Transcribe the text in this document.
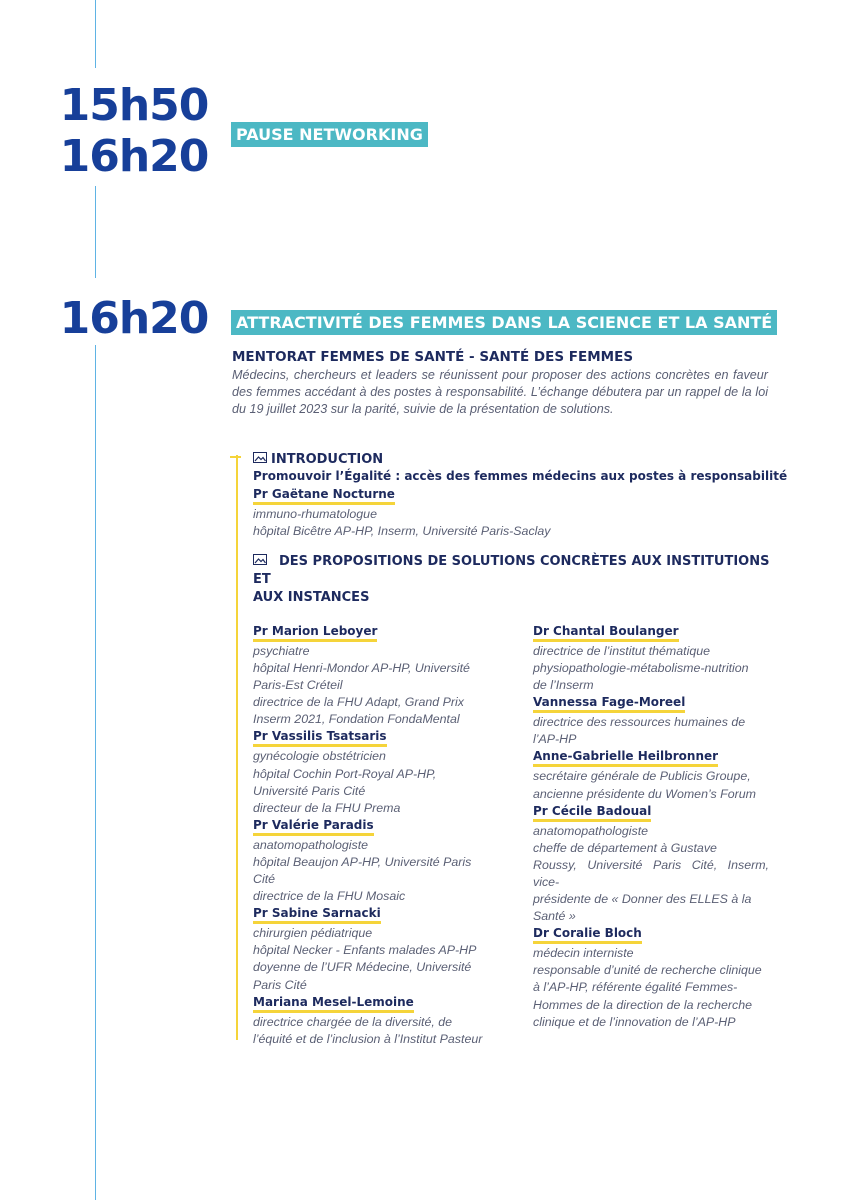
15h50
16h20	PAUSE NETWORKING
16h20	ATTRACTIVITÉ DES FEMMES DANS LA SCIENCE ET LA SANTÉ
MENTORAT FEMMES DE SANTÉ - SANTÉ DES FEMMES
Médecins, chercheurs et leaders se réunissent pour proposer des actions concrètes en faveur des femmes accédant à des postes à responsabilité. L’échange débutera par un rappel de la loi du 19 juillet 2023 sur la parité, suivie de la présentation de solutions.
INTRODUCTION
Promouvoir l’Égalité : accès des femmes médecins aux postes à responsabilité
Pr Gaëtane Nocturne
immuno-rhumatologue
hôpital Bicêtre AP-HP, Inserm, Université Paris-Saclay
DES PROPOSITIONS DE SOLUTIONS CONCRÈTES AUX INSTITUTIONS ET
AUX INSTANCES
Pr Marion Leboyer
psychiatre
hôpital Henri-Mondor AP-HP, Université
Paris-Est Créteil
directrice de la FHU Adapt, Grand Prix
Inserm 2021, Fondation FondaMental
Pr Vassilis Tsatsaris
gynécologie obstétricien
hôpital Cochin Port-Royal AP-HP,
Université Paris Cité
directeur de la FHU Prema
Pr Valérie Paradis
anatomopathologiste
hôpital Beaujon AP-HP, Université Paris
Cité
directrice de la FHU Mosaic
Pr Sabine Sarnacki
chirurgien pédiatrique
hôpital Necker - Enfants malades AP-HP
doyenne de l’UFR Médecine, Université
Paris Cité
Mariana Mesel-Lemoine
directrice chargée de la diversité, de
l’équité et de l’inclusion à l’Institut Pasteur
Dr Chantal Boulanger
directrice de l’institut thématique
physiopathologie-métabolisme-nutrition
de l’Inserm
Vannessa Fage-Moreel
directrice des ressources humaines de
l’AP-HP
Anne-Gabrielle Heilbronner
secrétaire générale de Publicis Groupe,
ancienne présidente du Women’s Forum
Pr Cécile Badoual
anatomopathologiste
cheffe de département à Gustave
Roussy, Université Paris Cité, Inserm, vice-
présidente de « Donner des ELLES à la
Santé »
Dr Coralie Bloch
médecin interniste
responsable d’unité de recherche clinique
à l’AP-HP, référente égalité Femmes-
Hommes de la direction de la recherche
clinique et de l’innovation de l’AP-HP
